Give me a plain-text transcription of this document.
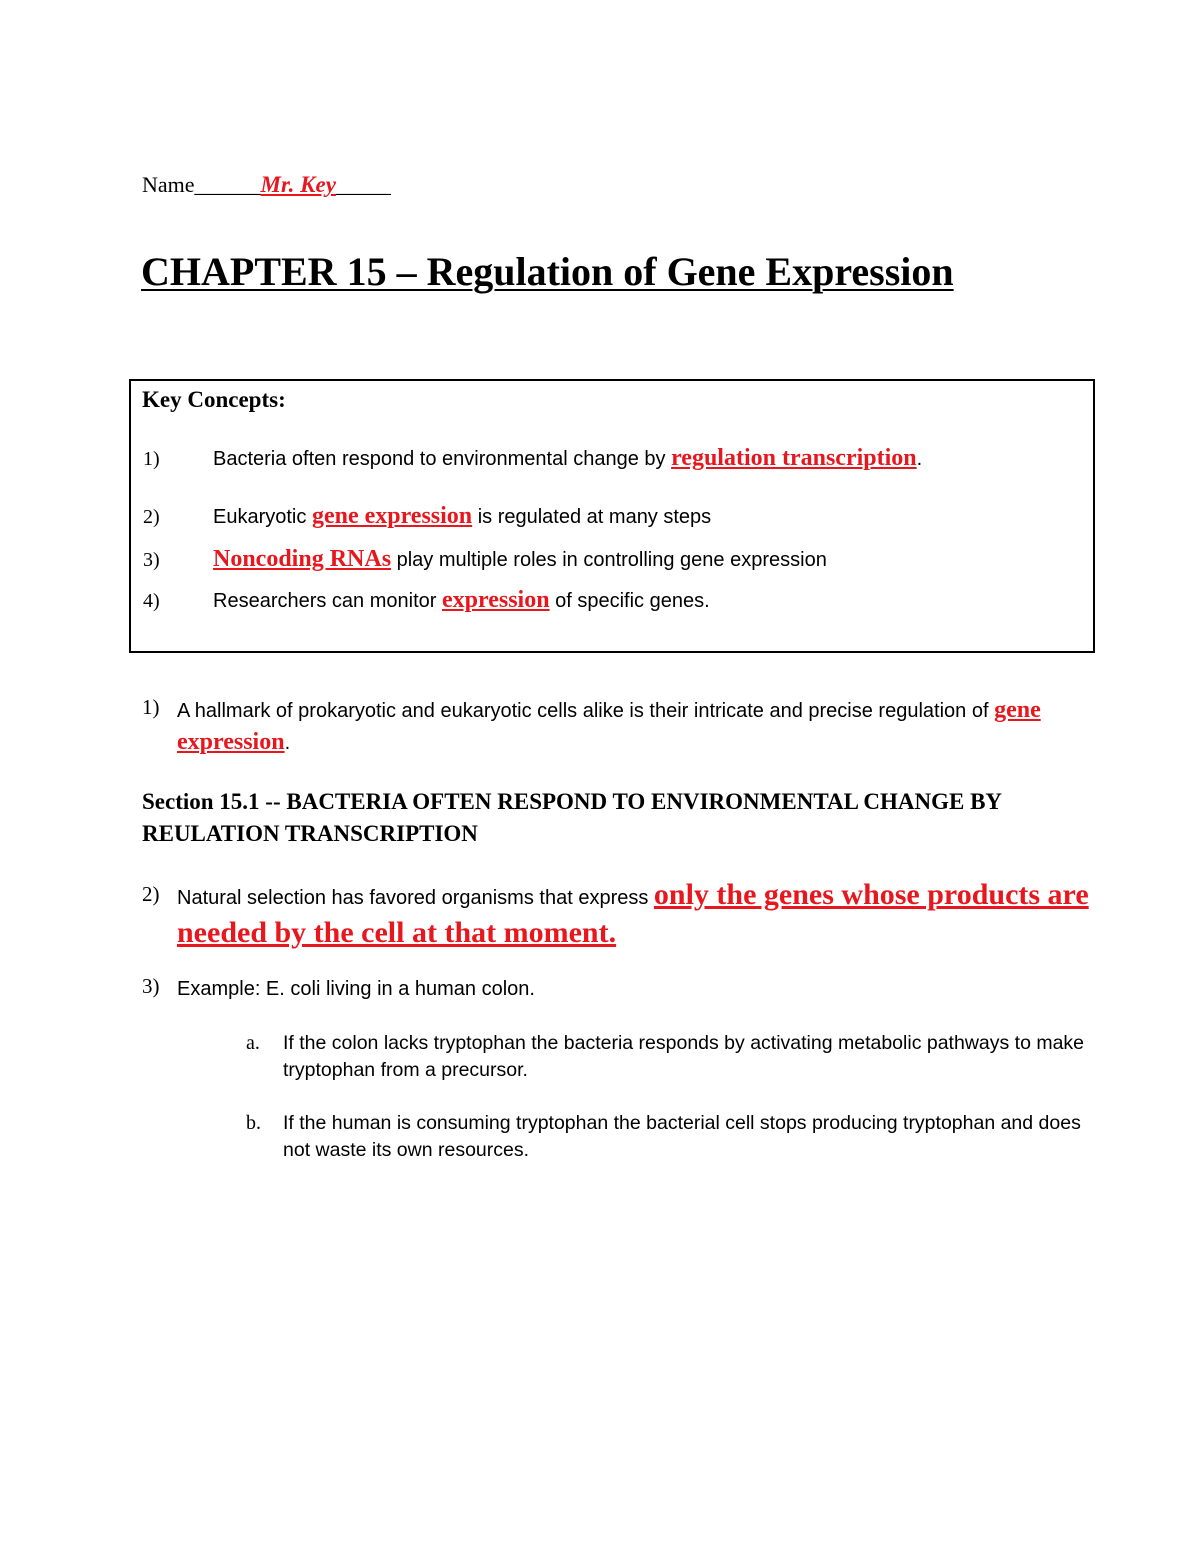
Name______Mr. Key_____
CHAPTER 15 – Regulation of Gene Expression
Key Concepts:
1)	Bacteria often respond to environmental change by regulation transcription.
2)	Eukaryotic gene expression is regulated at many steps
3) Noncoding RNAs play multiple roles in controlling gene expression
4)	Researchers can monitor expression of specific genes.
1) A hallmark of prokaryotic and eukaryotic cells alike is their intricate and precise regulation of gene expression.
Section 15.1 -- BACTERIA OFTEN RESPOND TO ENVIRONMENTAL CHANGE BY REULATION TRANSCRIPTION
2) Natural selection has favored organisms that express only the genes whose products are needed by the cell at that moment.
3) Example: E. coli living in a human colon.
a. If the colon lacks tryptophan the bacteria responds by activating metabolic pathways to make tryptophan from a precursor.
b. If the human is consuming tryptophan the bacterial cell stops producing tryptophan and does not waste its own resources.
